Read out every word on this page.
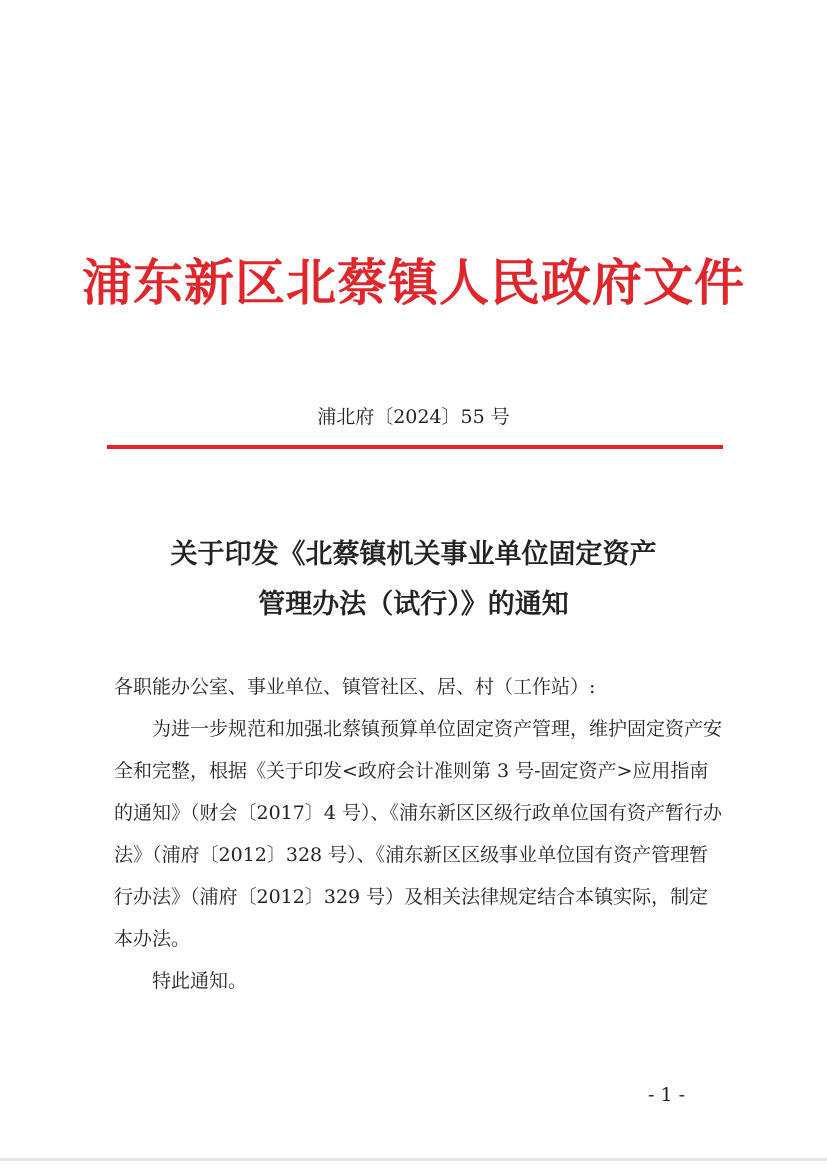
浦东新区北蔡镇人民政府文件
浦北府〔2024〕55 号
关于印发《北蔡镇机关事业单位固定资产
管理办法（试行）》的通知

各职能办公室、事业单位、镇管社区、居、村（工作站）:

为进一步规范和加强北蔡镇预算单位固定资产管理，维护固定资产安全和完整，根据《关于印发<政府会计准则第 3 号-固定资产>应用指南的通知》（财会〔2017〕4 号）、《浦东新区区级行政单位国有资产暂行办法》（浦府〔2012〕328 号）、《浦东新区区级事业单位国有资产管理暂行办法》（浦府〔2012〕329 号）及相关法律规定结合本镇实际，制定本办法。

特此通知。

- 1 -
